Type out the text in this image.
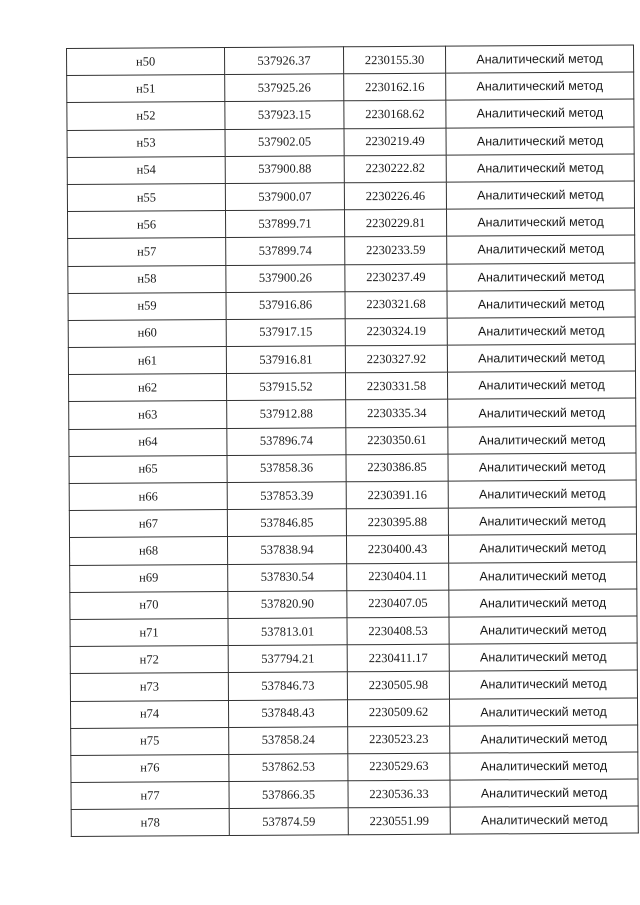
н50	537926.37	2230155.30	Аналитический метод
н51	537925.26	2230162.16	Аналитический метод
н52	537923.15	2230168.62	Аналитический метод
н53	537902.05	2230219.49	Аналитический метод
н54	537900.88	2230222.82	Аналитический метод
н55	537900.07	2230226.46	Аналитический метод
н56	537899.71	2230229.81	Аналитический метод
н57	537899.74	2230233.59	Аналитический метод
н58	537900.26	2230237.49	Аналитический метод
н59	537916.86	2230321.68	Аналитический метод
н60	537917.15	2230324.19	Аналитический метод
н61	537916.81	2230327.92	Аналитический метод
н62	537915.52	2230331.58	Аналитический метод
н63	537912.88	2230335.34	Аналитический метод
н64	537896.74	2230350.61	Аналитический метод
н65	537858.36	2230386.85	Аналитический метод
н66	537853.39	2230391.16	Аналитический метод
н67	537846.85	2230395.88	Аналитический метод
н68	537838.94	2230400.43	Аналитический метод
н69	537830.54	2230404.11	Аналитический метод
н70	537820.90	2230407.05	Аналитический метод
н71	537813.01	2230408.53	Аналитический метод
н72	537794.21	2230411.17	Аналитический метод
н73	537846.73	2230505.98	Аналитический метод
н74	537848.43	2230509.62	Аналитический метод
н75	537858.24	2230523.23	Аналитический метод
н76	537862.53	2230529.63	Аналитический метод
н77	537866.35	2230536.33	Аналитический метод
н78	537874.59	2230551.99	Аналитический метод
